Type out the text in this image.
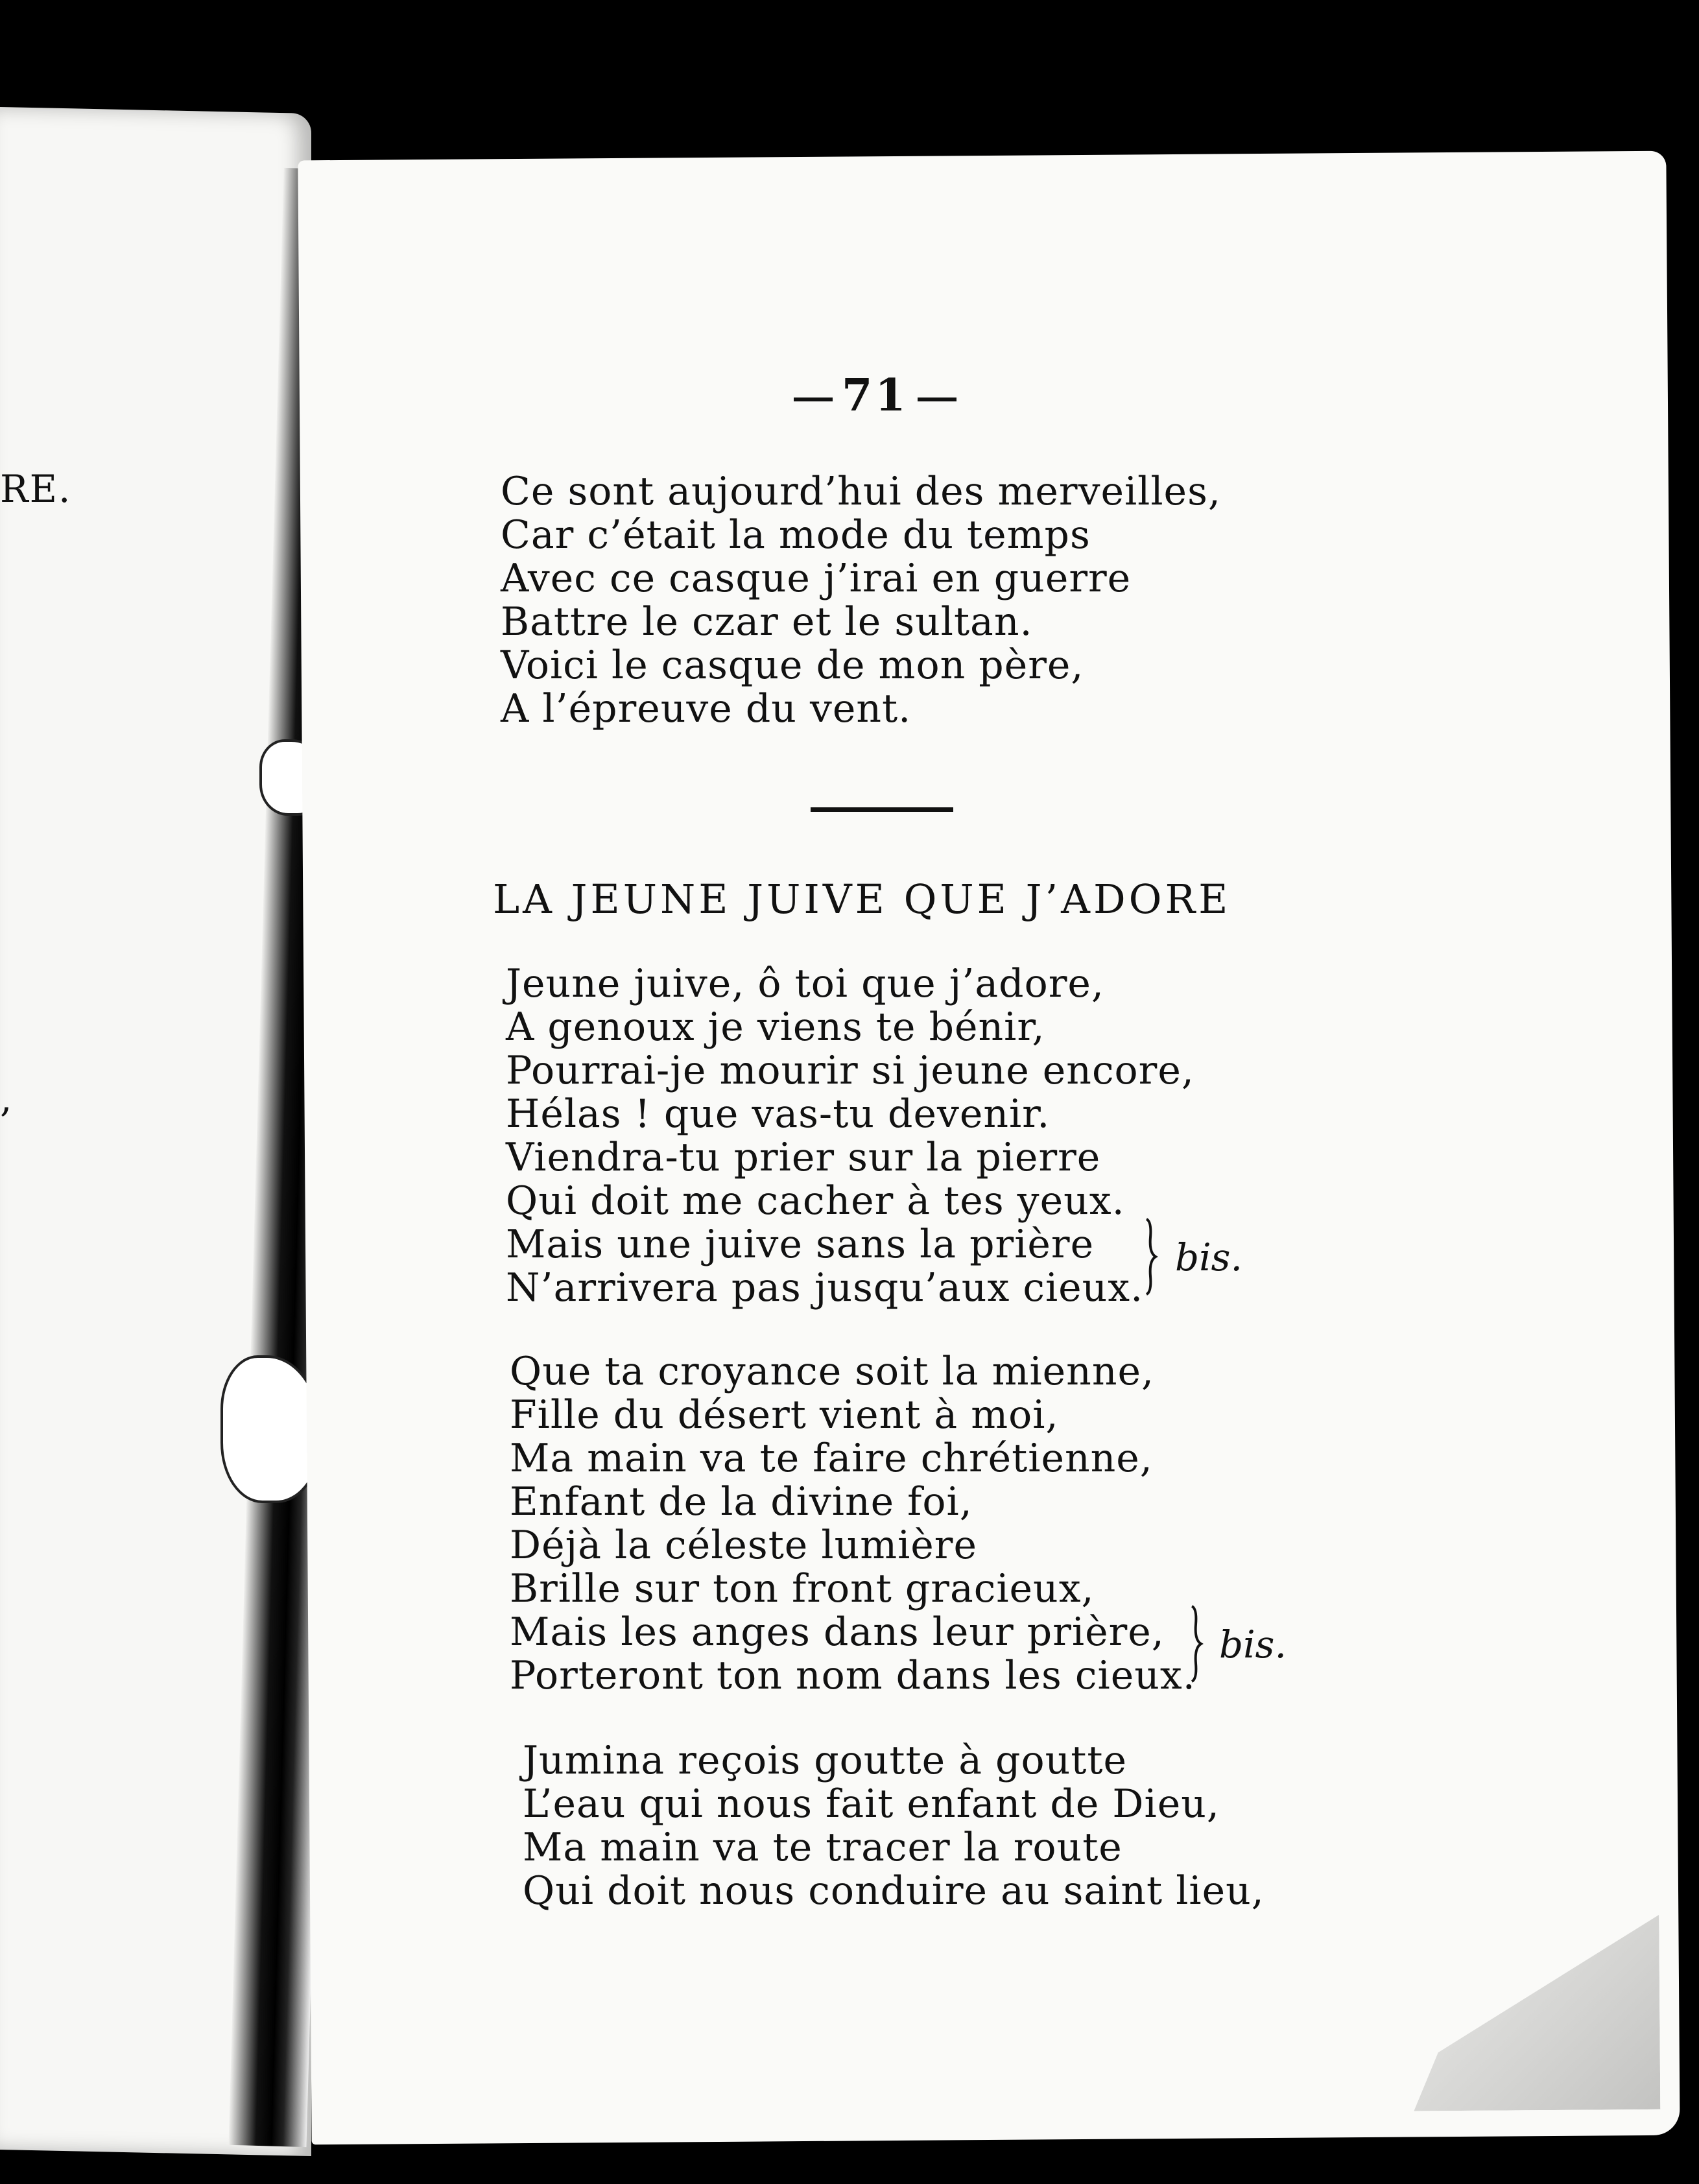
RE.
,
71
Ce sont aujourd’hui des merveilles,
Car c’était la mode du temps
Avec ce casque j’irai en guerre
Battre le czar et le sultan.
Voici le casque de mon père,
A l’épreuve du vent.
LA JEUNE JUIVE QUE J’ADORE
Jeune juive, ô toi que j’adore,
A genoux je viens te bénir,
Pourrai-je mourir si jeune encore,
Hélas ! que vas-tu devenir.
Viendra-tu prier sur la pierre
Qui doit me cacher à tes yeux.
Mais une juive sans la prière
N’arrivera pas jusqu’aux cieux.
bis.
Que ta croyance soit la mienne,
Fille du désert vient à moi,
Ma main va te faire chrétienne,
Enfant de la divine foi,
Déjà la céleste lumière
Brille sur ton front gracieux,
Mais les anges dans leur prière,
Porteront ton nom dans les cieux.
bis.
Jumina reçois goutte à goutte
L’eau qui nous fait enfant de Dieu,
Ma main va te tracer la route
Qui doit nous conduire au saint lieu,
